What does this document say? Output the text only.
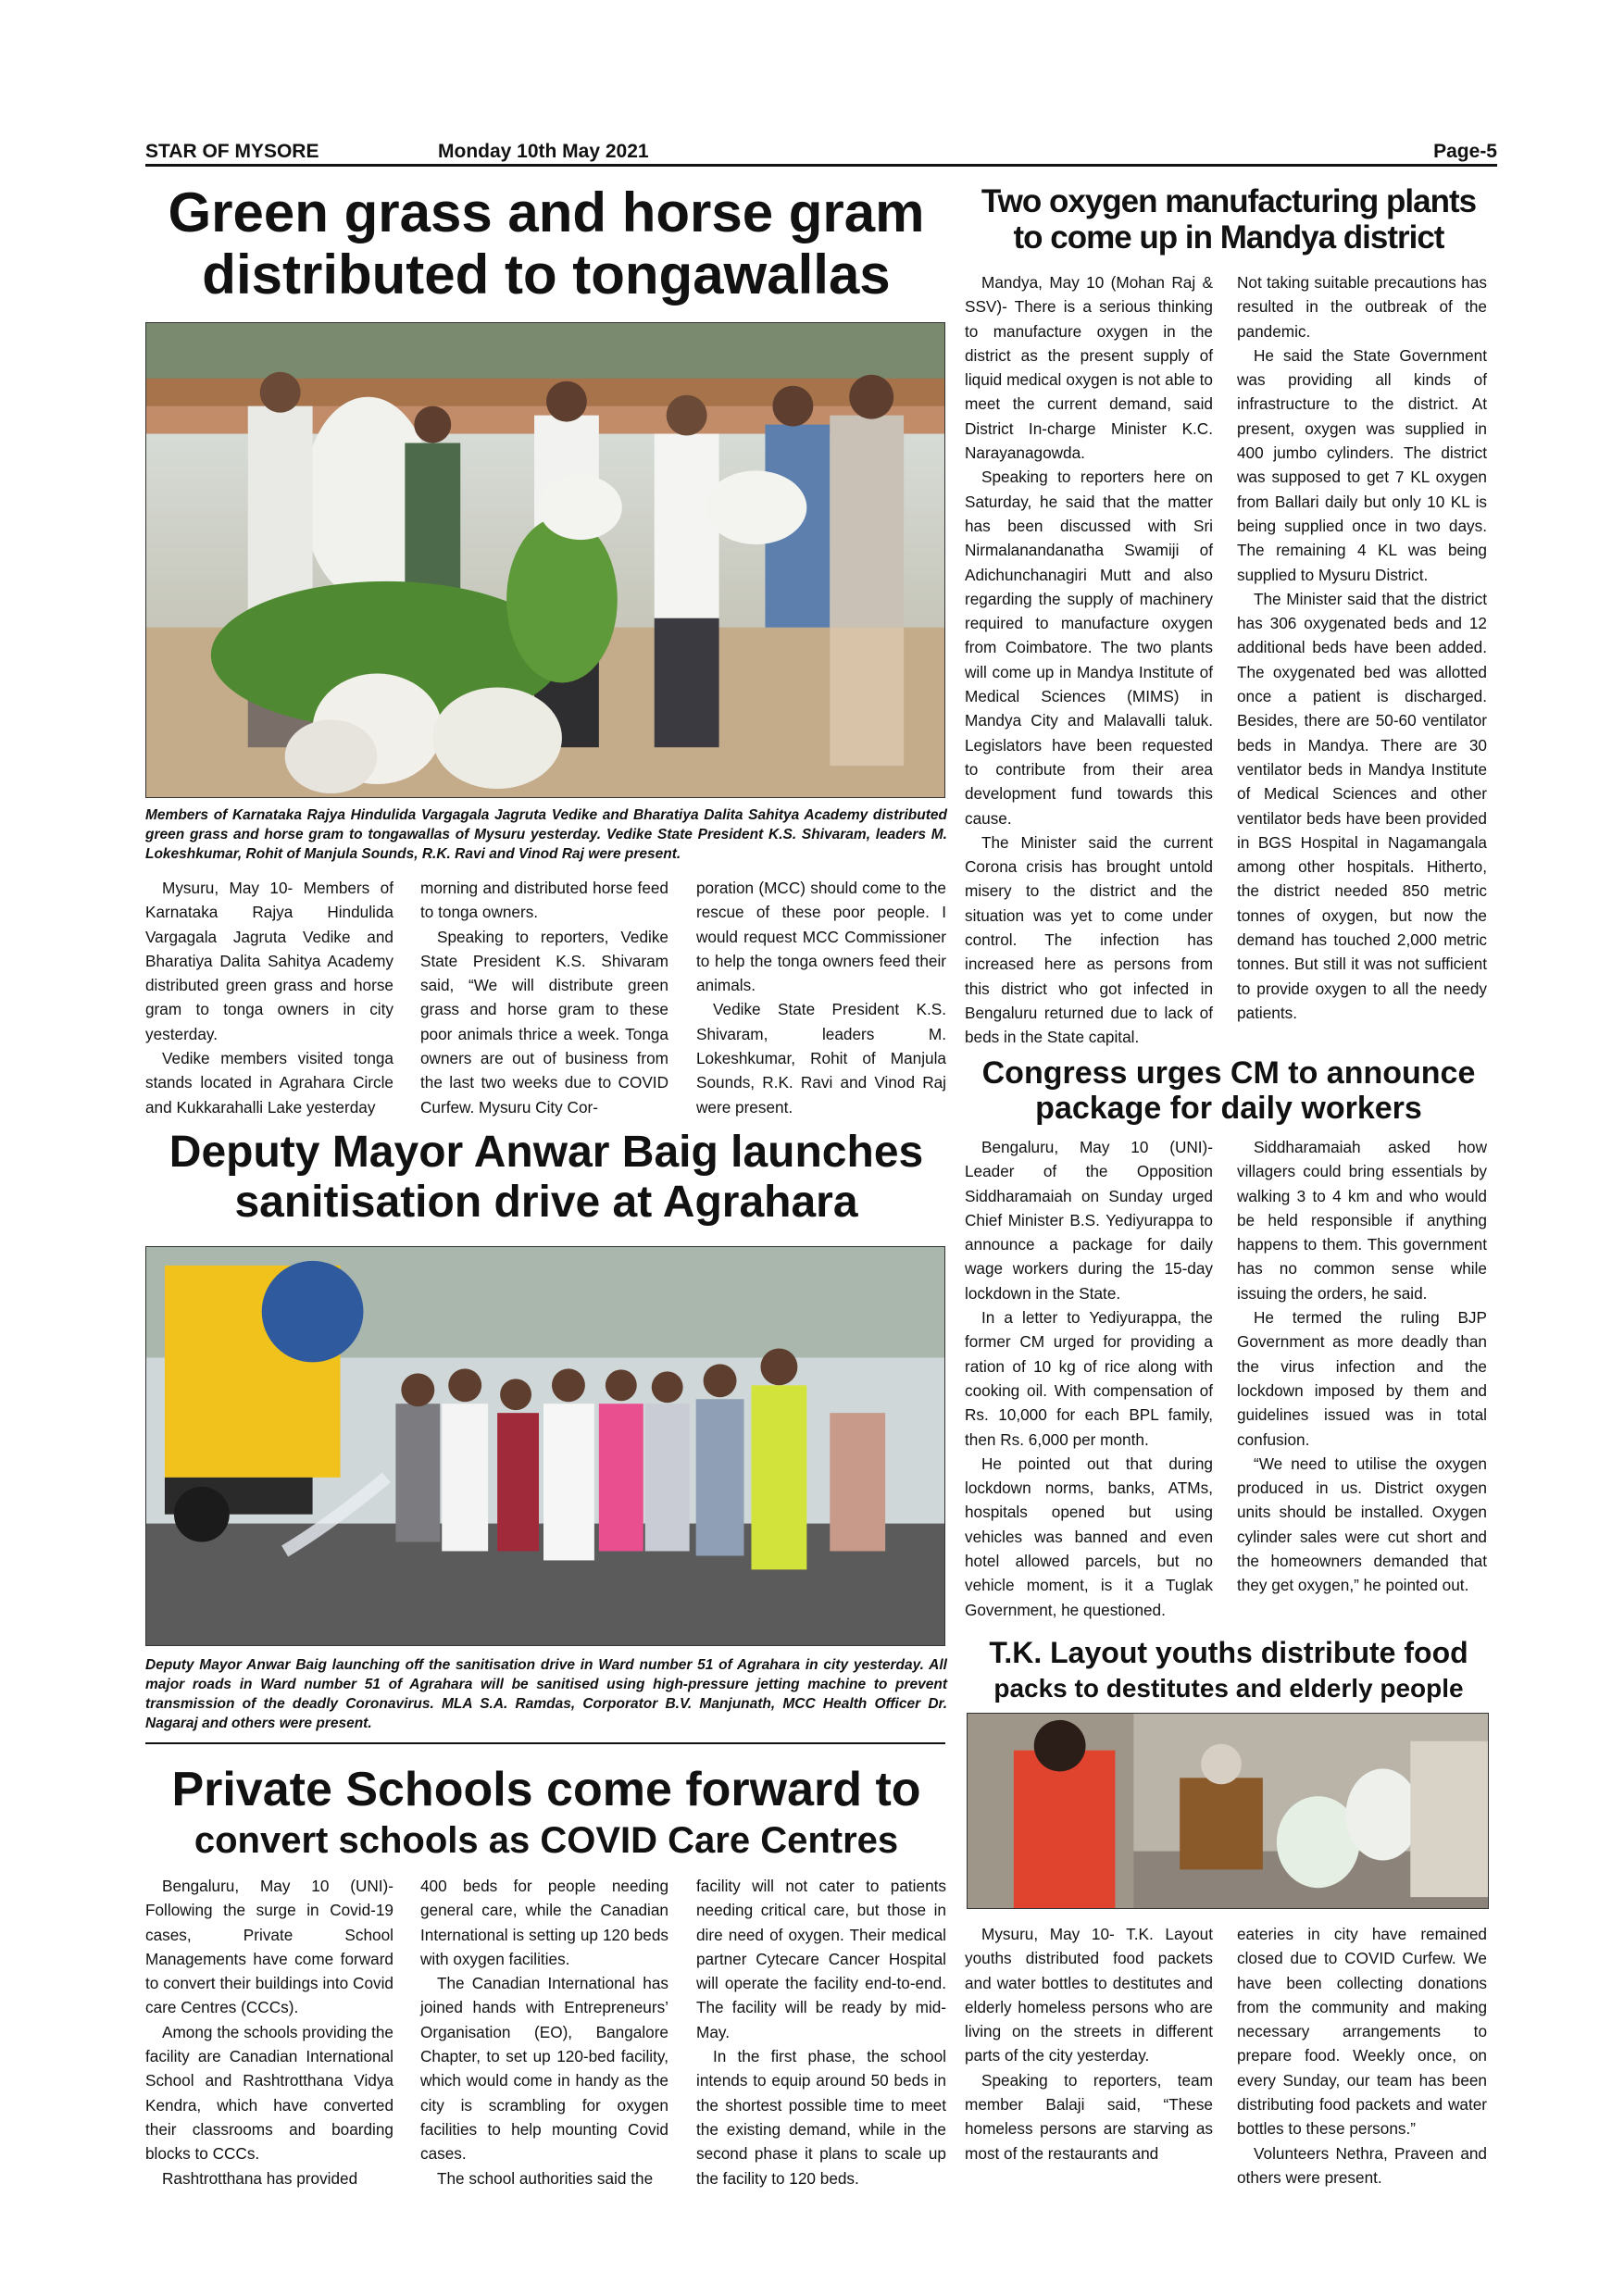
STAR OF MYSORE	Monday 10th May 2021	Page-5
Green grass and horse gram distributed to tongawallas

Members of Karnataka Rajya Hindulida Vargagala Jagruta Vedike and Bharatiya Dalita Sahitya Academy distributed green grass and horse gram to tongawallas of Mysuru yesterday. Vedike State President K.S. Shivaram, leaders M. Lokeshkumar, Rohit of Manjula Sounds, R.K. Ravi and Vinod Raj were present.

Mysuru, May 10- Members of Karnataka Rajya Hindulida Vargagala Jagruta Vedike and Bharatiya Dalita Sahitya Academy distributed green grass and horse gram to tonga owners in city yesterday.

Vedike members visited tonga stands located in Agrahara Circle and Kukkarahalli Lake yesterday

morning and distributed horse feed to tonga owners.

Speaking to reporters, Vedike State President K.S. Shivaram said, “We will distribute green grass and horse gram to these poor animals thrice a week. Tonga owners are out of business from the last two weeks due to COVID Curfew. Mysuru City Cor-

poration (MCC) should come to the rescue of these poor people. I would request MCC Commissioner to help the tonga owners feed their animals.

Vedike State President K.S. Shivaram, leaders M. Lokeshkumar, Rohit of Manjula Sounds, R.K. Ravi and Vinod Raj were present.

Deputy Mayor Anwar Baig launches sanitisation drive at Agrahara

Deputy Mayor Anwar Baig launching off the sanitisation drive in Ward number 51 of Agrahara in city yesterday. All major roads in Ward number 51 of Agrahara will be sanitised using high-pressure jetting machine to prevent transmission of the deadly Coronavirus. MLA S.A. Ramdas, Corporator B.V. Manjunath, MCC Health Officer Dr. Nagaraj and others were present.

Private Schools come forward to
convert schools as COVID Care Centres

Bengaluru, May 10 (UNI)- Following the surge in Covid-19 cases, Private School Managements have come forward to convert their buildings into Covid care Centres (CCCs).

Among the schools providing the facility are Canadian International School and Rashtrotthana Vidya Kendra, which have converted their classrooms and boarding blocks to CCCs.

Rashtrotthana has provided

400 beds for people needing general care, while the Canadian International is setting up 120 beds with oxygen facilities.

The Canadian International has joined hands with Entrepreneurs’ Organisation (EO), Bangalore Chapter, to set up 120-bed facility, which would come in handy as the city is scrambling for oxygen facilities to help mounting Covid cases.

The school authorities said the

facility will not cater to patients needing critical care, but those in dire need of oxygen. Their medical partner Cytecare Cancer Hospital will operate the facility end-to-end. The facility will be ready by mid-May.

In the first phase, the school intends to equip around 50 beds in the shortest possible time to meet the existing demand, while in the second phase it plans to scale up the facility to 120 beds.

Two oxygen manufacturing plants to come up in Mandya district

Mandya, May 10 (Mohan Raj & SSV)- There is a serious thinking to manufacture oxygen in the district as the present supply of liquid medical oxygen is not able to meet the current demand, said District In-charge Minister K.C. Narayanagowda.

Speaking to reporters here on Saturday, he said that the matter has been discussed with Sri Nirmalanandanatha Swamiji of Adichunchanagiri Mutt and also regarding the supply of machinery required to manufacture oxygen from Coimbatore. The two plants will come up in Mandya Institute of Medical Sciences (MIMS) in Mandya City and Malavalli taluk. Legislators have been requested to contribute from their area development fund towards this cause.

The Minister said the current Corona crisis has brought untold misery to the district and the situation was yet to come under control. The infection has increased here as persons from this district who got infected in Bengaluru returned due to lack of beds in the State capital.

Not taking suitable precautions has resulted in the outbreak of the pandemic.

He said the State Government was providing all kinds of infrastructure to the district. At present, oxygen was supplied in 400 jumbo cylinders. The district was supposed to get 7 KL oxygen from Ballari daily but only 10 KL is being supplied once in two days. The remaining 4 KL was being supplied to Mysuru District.

The Minister said that the district has 306 oxygenated beds and 12 additional beds have been added. The oxygenated bed was allotted once a patient is discharged. Besides, there are 50-60 ventilator beds in Mandya. There are 30 ventilator beds in Mandya Institute of Medical Sciences and other ventilator beds have been provided in BGS Hospital in Nagamangala among other hospitals. Hitherto, the district needed 850 metric tonnes of oxygen, but now the demand has touched 2,000 metric tonnes. But still it was not sufficient to provide oxygen to all the needy patients.

Congress urges CM to announce package for daily workers

Bengaluru, May 10 (UNI)- Leader of the Opposition Siddharamaiah on Sunday urged Chief Minister B.S. Yediyurappa to announce a package for daily wage workers during the 15-day lockdown in the State.

In a letter to Yediyurappa, the former CM urged for providing a ration of 10 kg of rice along with cooking oil. With compensation of Rs. 10,000 for each BPL family, then Rs. 6,000 per month.

He pointed out that during lockdown norms, banks, ATMs, hospitals opened but using vehicles was banned and even hotel allowed parcels, but no vehicle moment, is it a Tuglak Government, he questioned.

Siddharamaiah asked how villagers could bring essentials by walking 3 to 4 km and who would be held responsible if anything happens to them. This government has no common sense while issuing the orders, he said.

He termed the ruling BJP Government as more deadly than the virus infection and the lockdown imposed by them and guidelines issued was in total confusion.

“We need to utilise the oxygen produced in us. District oxygen units should be installed. Oxygen cylinder sales were cut short and the homeowners demanded that they get oxygen,” he pointed out.

T.K. Layout youths distribute food
packs to destitutes and elderly people

Mysuru, May 10- T.K. Layout youths distributed food packets and water bottles to destitutes and elderly homeless persons who are living on the streets in different parts of the city yesterday.

Speaking to reporters, team member Balaji said, “These homeless persons are starving as most of the restaurants and

eateries in city have remained closed due to COVID Curfew. We have been collecting donations from the community and making necessary arrangements to prepare food. Weekly once, on every Sunday, our team has been distributing food packets and water bottles to these persons.”

Volunteers Nethra, Praveen and others were present.
